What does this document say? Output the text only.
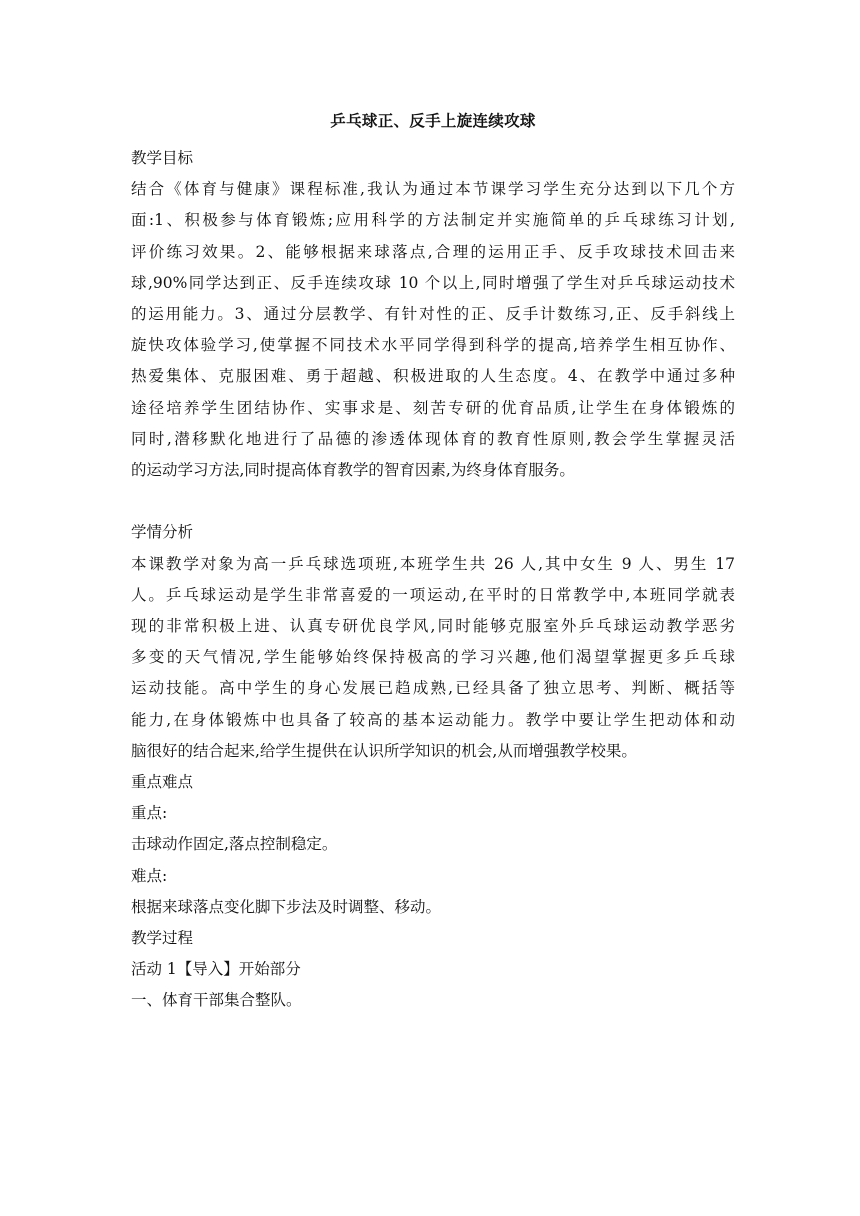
乒乓球正、反手上旋连续攻球
教学目标
结合《体育与健康》课程标准,我认为通过本节课学习学生充分达到以下几个方
面:1、积极参与体育锻炼;应用科学的方法制定并实施简单的乒乓球练习计划,
评价练习效果。2、能够根据来球落点,合理的运用正手、反手攻球技术回击来
球,90%同学达到正、反手连续攻球 10 个以上,同时增强了学生对乒乓球运动技术
的运用能力。3、通过分层教学、有针对性的正、反手计数练习,正、反手斜线上
旋快攻体验学习,使掌握不同技术水平同学得到科学的提高,培养学生相互协作、
热爱集体、克服困难、勇于超越、积极进取的人生态度。4、在教学中通过多种
途径培养学生团结协作、实事求是、刻苦专研的优育品质,让学生在身体锻炼的
同时,潜移默化地进行了品德的渗透体现体育的教育性原则,教会学生掌握灵活
的运动学习方法,同时提高体育教学的智育因素,为终身体育服务。
学情分析
本课教学对象为高一乒乓球选项班,本班学生共 26 人,其中女生 9 人、男生 17
人。乒乓球运动是学生非常喜爱的一项运动,在平时的日常教学中,本班同学就表
现的非常积极上进、认真专研优良学风,同时能够克服室外乒乓球运动教学恶劣
多变的天气情况,学生能够始终保持极高的学习兴趣,他们渴望掌握更多乒乓球
运动技能。高中学生的身心发展已趋成熟,已经具备了独立思考、判断、概括等
能力,在身体锻炼中也具备了较高的基本运动能力。教学中要让学生把动体和动
脑很好的结合起来,给学生提供在认识所学知识的机会,从而增强教学校果。
重点难点
重点:
击球动作固定,落点控制稳定。
难点:
根据来球落点变化脚下步法及时调整、移动。
教学过程
活动 1【导入】开始部分
一、体育干部集合整队。
